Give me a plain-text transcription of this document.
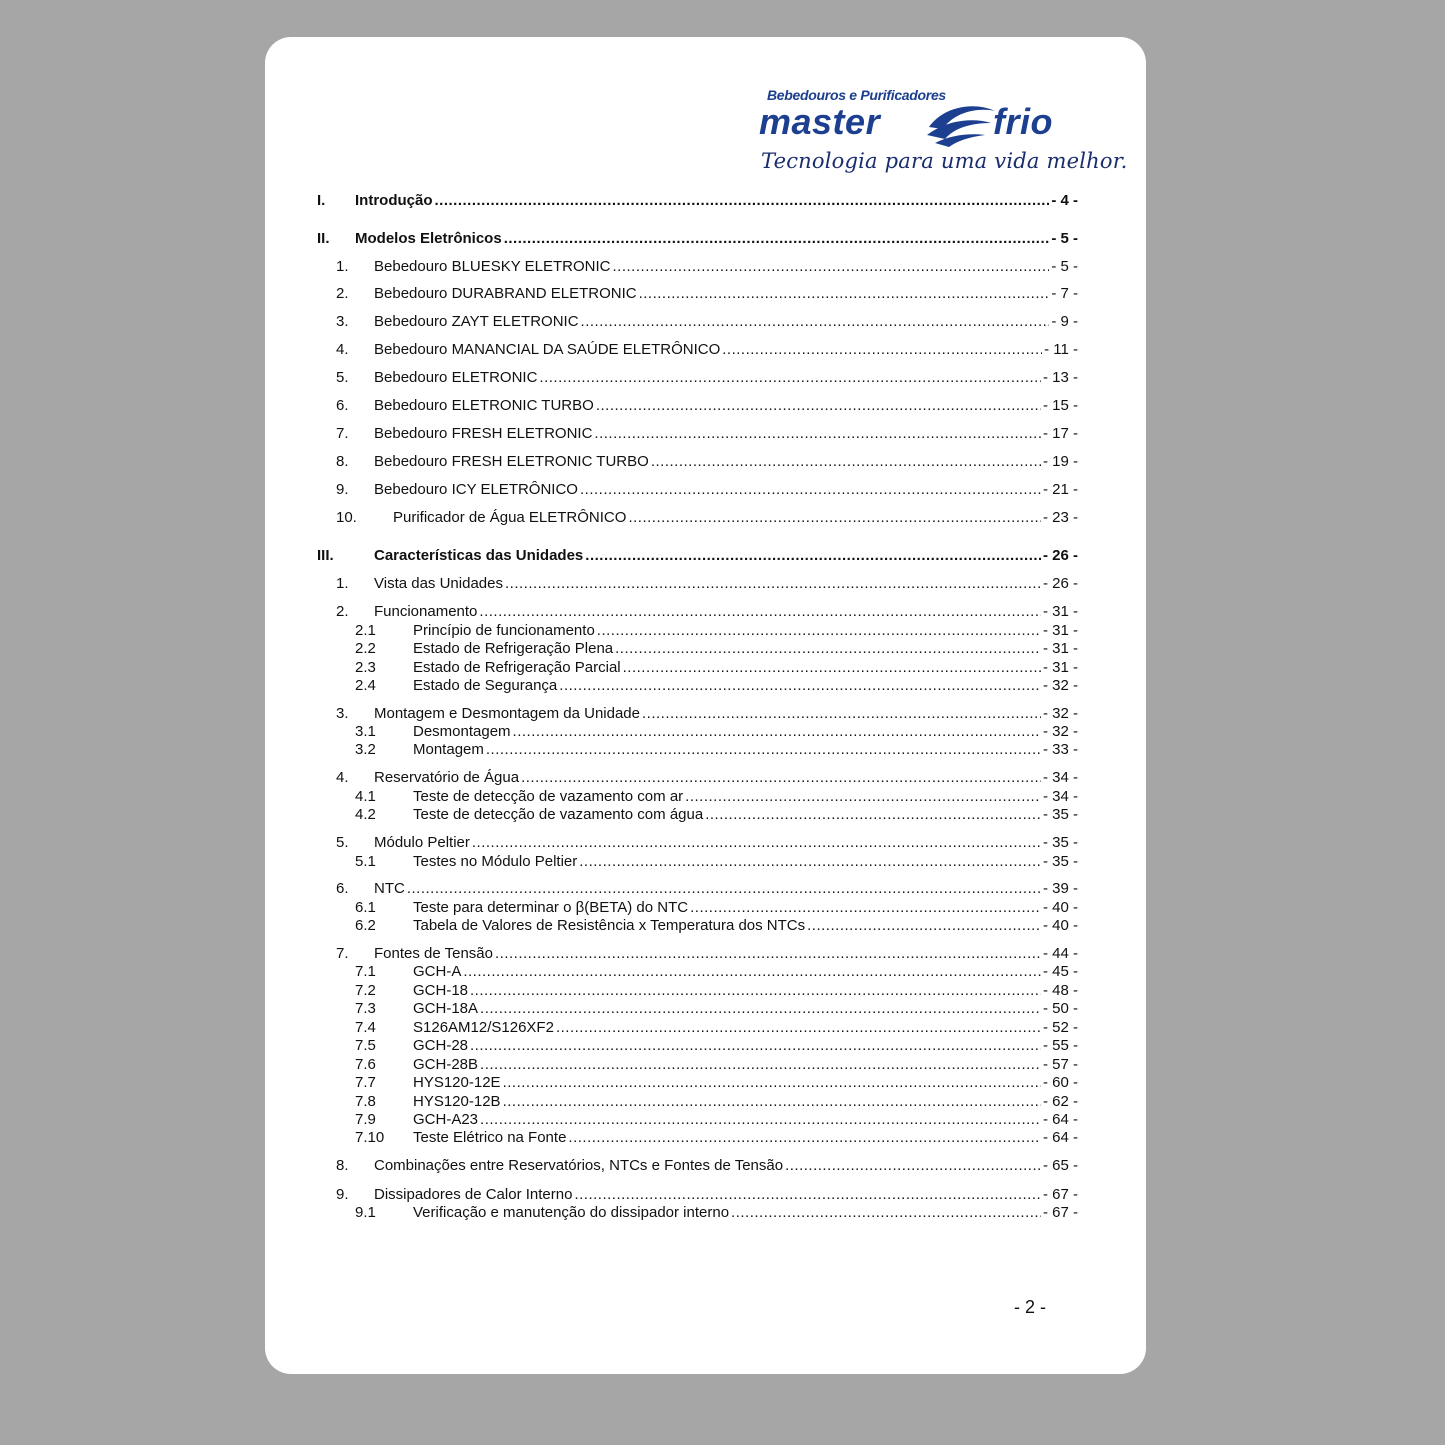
Bebedouros e Purificadores
master	frio
Tecnologia para uma vida melhor.
I. Introdução .....	- 4 -
II. Modelos Eletrônicos .....	- 5 -
1. Bebedouro BLUESKY ELETRONIC .....	- 5 -
2. Bebedouro DURABRAND ELETRONIC .....	- 7 -
3. Bebedouro ZAYT ELETRONIC .....	- 9 -
4. Bebedouro MANANCIAL DA SAÚDE ELETRÔNICO .....	- 11 -
5. Bebedouro ELETRONIC .....	- 13 -
6. Bebedouro ELETRONIC TURBO .....	- 15 -
7. Bebedouro FRESH ELETRONIC .....	- 17 -
8. Bebedouro FRESH ELETRONIC TURBO .....	- 19 -
9. Bebedouro ICY ELETRÔNICO .....	- 21 -
10. Purificador de Água ELETRÔNICO .....	- 23 -
III.	Características das Unidades .....	- 26 -
1. Vista das Unidades .....	- 26 -
2. Funcionamento .....	- 31 -
2.1 Princípio de funcionamento .....	- 31 -
2.2 Estado de Refrigeração Plena .....	- 31 -
2.3 Estado de Refrigeração Parcial .....	- 31 -
2.4 Estado de Segurança .....	- 32 -
3. Montagem e Desmontagem da Unidade .....	- 32 -
3.1 Desmontagem .....	- 32 -
3.2 Montagem .....	- 33 -
4. Reservatório de Água .....	- 34 -
4.1 Teste de detecção de vazamento com ar .....	- 34 -
4.2 Teste de detecção de vazamento com água .....	- 35 -
5. Módulo Peltier .....	- 35 -
5.1 Testes no Módulo Peltier .....	- 35 -
6. NTC .....	- 39 -
6.1 Teste para determinar o β(BETA) do NTC .....	- 40 -
6.2 Tabela de Valores de Resistência x Temperatura dos NTCs .....	- 40 -
7. Fontes de Tensão .....	- 44 -
7.1 GCH-A .....	- 45 -
7.2 GCH-18 .....	- 48 -
7.3 GCH-18A .....	- 50 -
7.4 S126AM12/S126XF2 .....	- 52 -
7.5 GCH-28 .....	- 55 -
7.6 GCH-28B .....	- 57 -
7.7 HYS120-12E .....	- 60 -
7.8 HYS120-12B .....	- 62 -
7.9 GCH-A23 .....	- 64 -
7.10 Teste Elétrico na Fonte .....	- 64 -
8. Combinações entre Reservatórios, NTCs e Fontes de Tensão .....	- 65 -
9. Dissipadores de Calor Interno .....	- 67 -
9.1 Verificação e manutenção do dissipador interno .....	- 67 -
- 2 -
